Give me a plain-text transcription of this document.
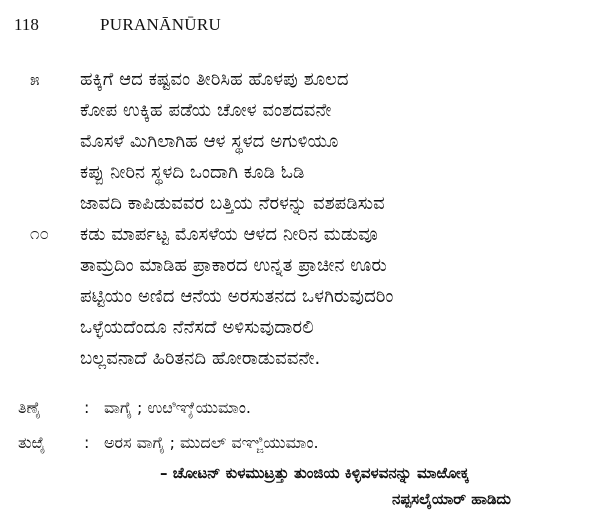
118	PURANĀNŪRU
೫
೧೦
ಹಕ್ಕಿಗೆ ಆದ ಕಷ್ಟವಂ ತೀರಿಸಿಹ ಹೊಳಪು ಶೂಲದ
ಕೋಪ ಉಕ್ಕಿಹ ಪಡೆಯ ಚೋಳ ವಂಶದವನೇ
ಮೊಸಳೆ ಮಿಗಿಲಾಗಿಹ ಆಳ ಸ್ಥಳದ ಅಗುಳಿಯೂ
ಕಪ್ಪು ನೀರಿನ ಸ್ಥಳದಿ ಒಂದಾಗಿ ಕೂಡಿ ಓಡಿ
ಜಾವದಿ ಕಾಪಿಡುವವರ ಬತ್ತಿಯ ನೆರಳನ್ನು ವಶಪಡಿಸುವ
ಕಡು ಮಾರ್ಪಟ್ಟ ಮೊಸಳೆಯ ಆಳದ ನೀರಿನ ಮಡುವೂ
ತಾಮ್ರದಿಂ ಮಾಡಿಹ ಪ್ರಾಕಾರದ ಉನ್ನತ ಪ್ರಾಚೀನ ಊರು
ಪಟ್ಟಿಯಂ ಅಣಿದ ಆನೆಯ ಅರಸುತನದ ಒಳಗಿರುವುದರಿಂ
ಒಳ್ಳೆಯದೆಂದೂ ನೆನೆಸದೆ ಅಳಿಸುವುದಾರಲಿ
ಬಲ್ಲವನಾದೆ ಹಿರಿತನದಿ ಹೋರಾಡುವವನೇ.
ತಿಣೈ	: ವಾಗೈ ; ಉೞಿಞೈಯುಮಾಂ.
ತುಱೈ : ಅರಸ ವಾಗೈ ; ಮುದಲ್ ವಞ್ಜಿಯುಮಾಂ.
– ಚೋಟನ್ ಕುಳಮುಟ್ರತ್ತು ತುಂಜಿಯ ಕಿಳ್ಳಿವಳವನನ್ನು ಮಾಱೋಕ್ಕ
ನಪ್ಪಸಲೈಯಾರ್ ಹಾಡಿದು
